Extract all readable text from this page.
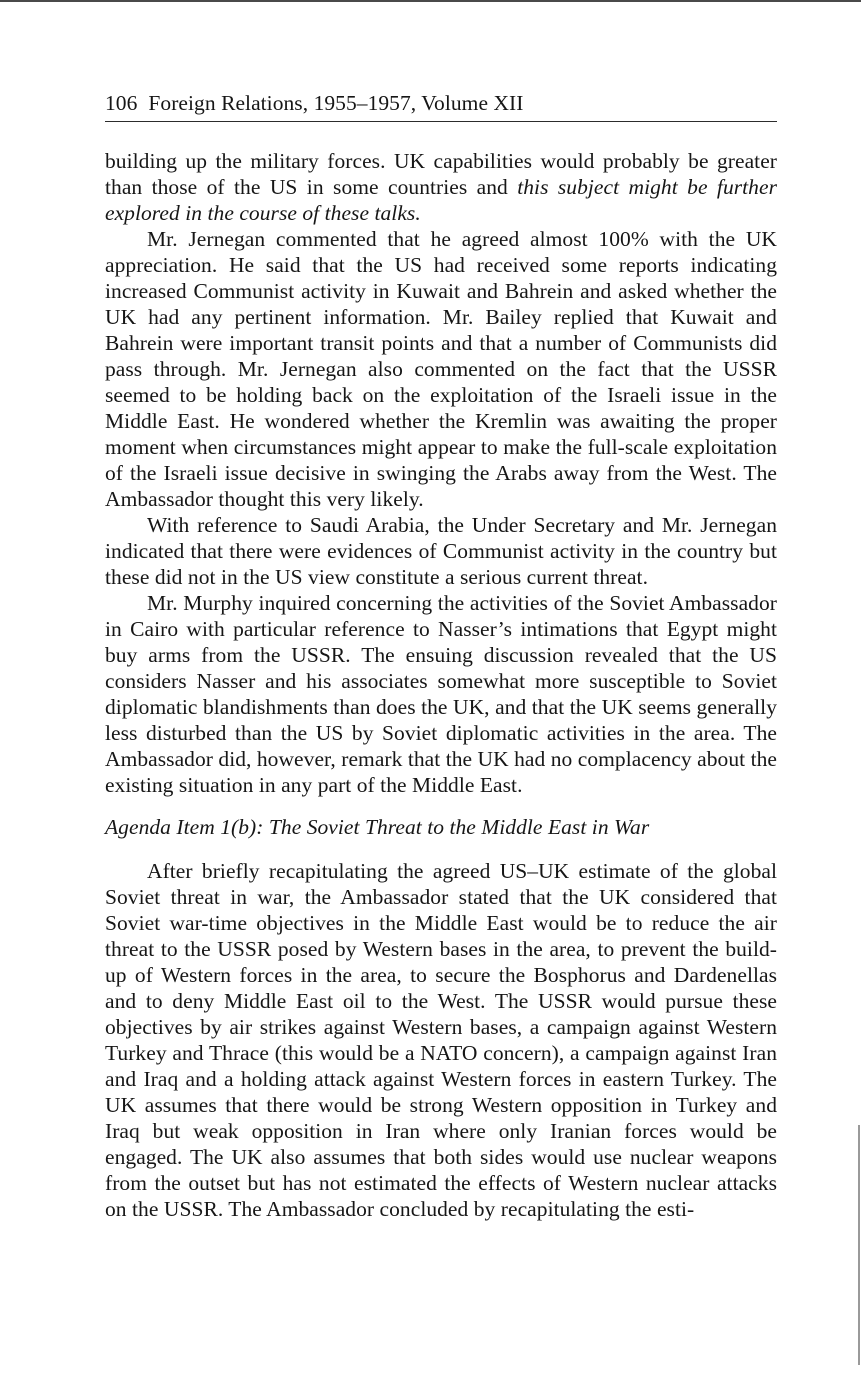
106 Foreign Relations, 1955–1957, Volume XII

building up the military forces. UK capabilities would probably be greater than those of the US in some countries and this subject might be further explored in the course of these talks.

Mr. Jernegan commented that he agreed almost 100% with the UK appreciation. He said that the US had received some reports indicating increased Communist activity in Kuwait and Bahrein and asked whether the UK had any pertinent information. Mr. Bailey replied that Kuwait and Bahrein were important transit points and that a number of Communists did pass through. Mr. Jernegan also commented on the fact that the USSR seemed to be holding back on the exploitation of the Israeli issue in the Middle East. He wondered whether the Kremlin was awaiting the proper moment when circumstances might appear to make the full-scale exploitation of the Israeli issue decisive in swinging the Arabs away from the West. The Ambassador thought this very likely.

With reference to Saudi Arabia, the Under Secretary and Mr. Jernegan indicated that there were evidences of Communist activity in the country but these did not in the US view constitute a serious current threat.

Mr. Murphy inquired concerning the activities of the Soviet Ambassador in Cairo with particular reference to Nasser’s intimations that Egypt might buy arms from the USSR. The ensuing discussion revealed that the US considers Nasser and his associates somewhat more susceptible to Soviet diplomatic blandishments than does the UK, and that the UK seems generally less disturbed than the US by Soviet diplomatic activities in the area. The Ambassador did, however, remark that the UK had no complacency about the existing situation in any part of the Middle East.

Agenda Item 1(b): The Soviet Threat to the Middle East in War

After briefly recapitulating the agreed US–UK estimate of the global Soviet threat in war, the Ambassador stated that the UK considered that Soviet war-time objectives in the Middle East would be to reduce the air threat to the USSR posed by Western bases in the area, to prevent the build-up of Western forces in the area, to secure the Bosphorus and Dardenellas and to deny Middle East oil to the West. The USSR would pursue these objectives by air strikes against Western bases, a campaign against Western Turkey and Thrace (this would be a NATO concern), a campaign against Iran and Iraq and a holding attack against Western forces in eastern Turkey. The UK assumes that there would be strong Western opposition in Turkey and Iraq but weak opposition in Iran where only Iranian forces would be engaged. The UK also assumes that both sides would use nuclear weapons from the outset but has not estimated the effects of Western nuclear attacks on the USSR. The Ambassador concluded by recapitulating the esti-
